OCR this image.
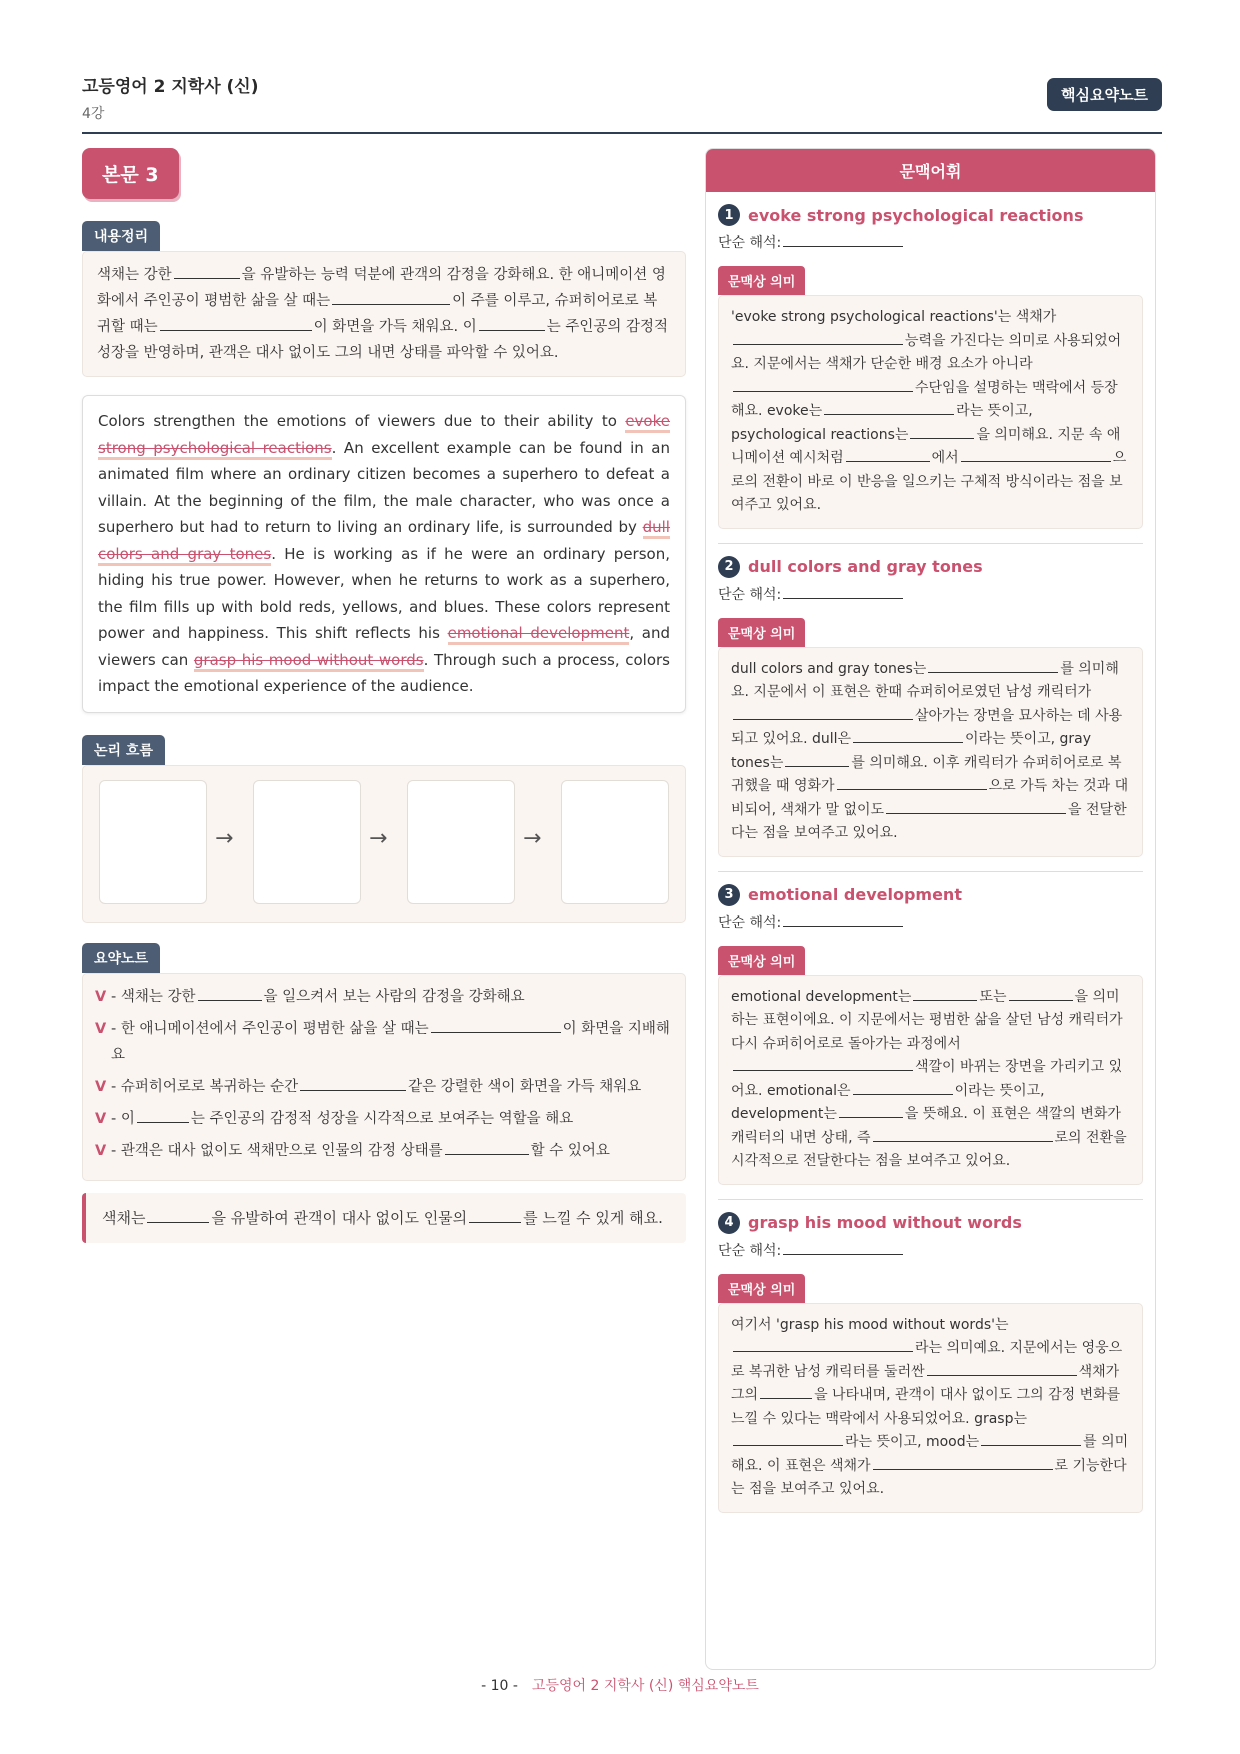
고등영어 2 지학사 (신)
4강
핵심요약노트
본문 3
내용정리
색채는 강한	을 유발하는 능력 덕분에 관객의 감정을 강화해요. 한 애니메이션 영화에서 주인공이 평범한 삶을 살 때는	이 주를 이루고, 슈퍼히어로로 복귀할 때는	이 화면을 가득 채워요. 이	는 주인공의 감정적 성장을 반영하며, 관객은 대사 없이도 그의 내면 상태를 파악할 수 있어요.
Colors strengthen the emotions of viewers due to their ability to evoke strong psychological reactions. An excellent example can be found in an animated film where an ordinary citizen becomes a superhero to defeat a villain. At the beginning of the film, the male character, who was once a superhero but had to return to living an ordinary life, is surrounded by dull colors and gray tones. He is working as if he were an ordinary person, hiding his true power. However, when he returns to work as a superhero, the film fills up with bold reds, yellows, and blues. These colors represent power and happiness. This shift reflects his emotional development, and viewers can grasp his mood without words. Through such a process, colors impact the emotional experience of the audience.
논리 흐름
→	→	→
요약노트
V - 색채는 강한	을 일으켜서 보는 사람의 감정을 강화해요
V - 한 애니메이션에서 주인공이 평범한 삶을 살 때는	이 화면을 지배해요
V - 슈퍼히어로로 복귀하는 순간	같은 강렬한 색이 화면을 가득 채워요
V - 이	는 주인공의 감정적 성장을 시각적으로 보여주는 역할을 해요
V - 관객은 대사 없이도 색채만으로 인물의 감정 상태를	할 수 있어요
색채는	을 유발하여 관객이 대사 없이도 인물의	를 느낄 수 있게 해요.
문맥어휘
1 evoke strong psychological reactions
단순 해석:
문맥상 의미
'evoke strong psychological reactions'는 색채가능력을 가진다는 의미로 사용되었어요. 지문에서는 색채가 단순한 배경 요소가 아니라수단임을 설명하는 맥락에서 등장해요. evoke는	라는 뜻이고, psychological reactions는	을 의미해요. 지문 속 애니메이션 예시처럼	에서	으로의 전환이 바로 이 반응을 일으키는 구체적 방식이라는 점을 보여주고 있어요.
2 dull colors and gray tones
단순 해석:
문맥상 의미
dull colors and gray tones는	를 의미해요. 지문에서 이 표현은 한때 슈퍼히어로였던 남성 캐릭터가살아가는 장면을 묘사하는 데 사용되고 있어요. dull은	이라는 뜻이고, gray tones는	를 의미해요. 이후 캐릭터가 슈퍼히어로로 복귀했을 때 영화가	으로 가득 차는 것과 대비되어, 색채가 말 없이도	을 전달한다는 점을 보여주고 있어요.
3 emotional development
단순 해석:
문맥상 의미
emotional development는	또는	을 의미하는 표현이에요. 이 지문에서는 평범한 삶을 살던 남성 캐릭터가 다시 슈퍼히어로로 돌아가는 과정에서색깔이 바뀌는 장면을 가리키고 있어요. emotional은	이라는 뜻이고, development는	을 뜻해요. 이 표현은 색깔의 변화가 캐릭터의 내면 상태, 즉	로의 전환을 시각적으로 전달한다는 점을 보여주고 있어요.
4 grasp his mood without words
단순 해석:
문맥상 의미
여기서 'grasp his mood without words'는라는 의미예요. 지문에서는 영웅으로 복귀한 남성 캐릭터를 둘러싼	색채가 그의	을 나타내며, 관객이 대사 없이도 그의 감정 변화를 느낄 수 있다는 맥락에서 사용되었어요. grasp는라는 뜻이고, mood는	를 의미해요. 이 표현은 색채가	로 기능한다는 점을 보여주고 있어요.
- 10 - 고등영어 2 지학사 (신) 핵심요약노트
